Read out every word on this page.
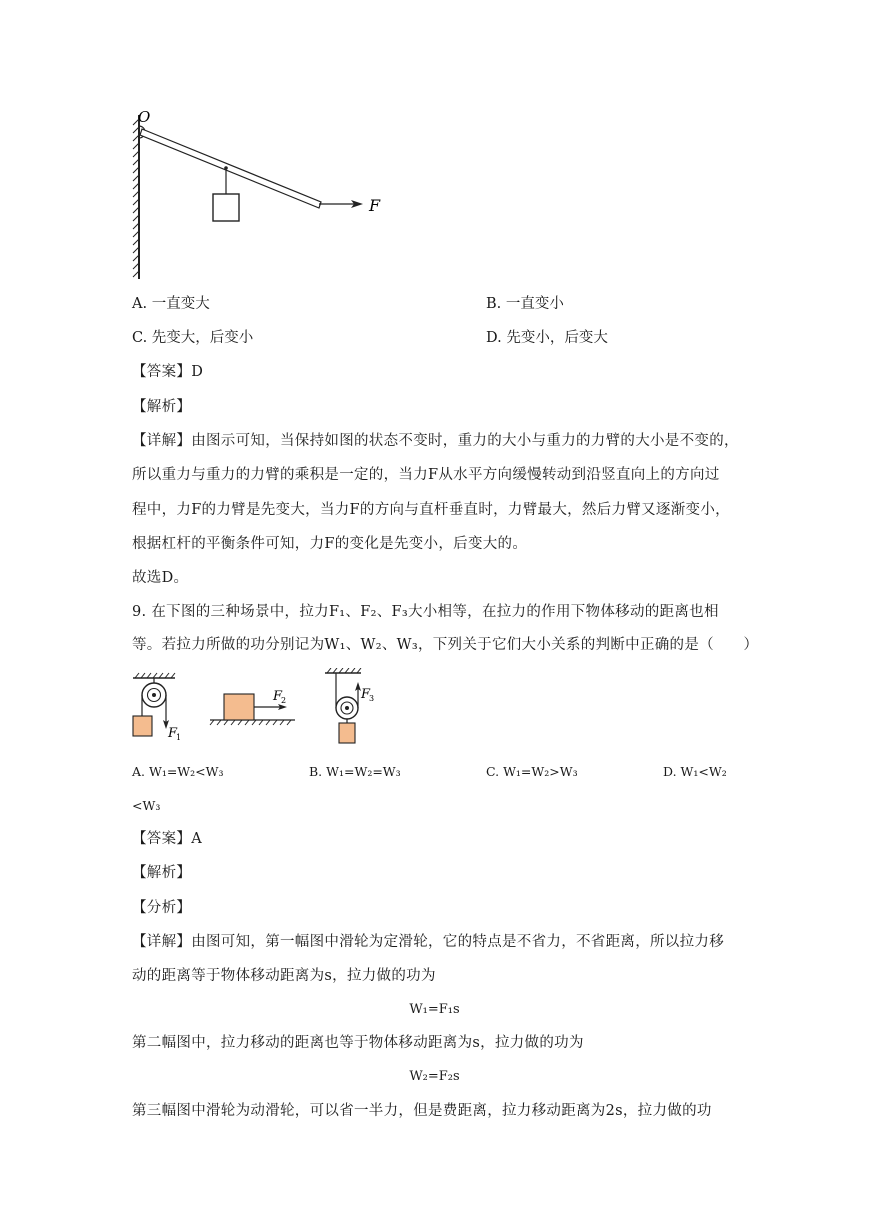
O
F
A. 一直变大	B. 一直变小
C. 先变大，后变小	D. 先变小，后变大
【答案】D
【解析】
【详解】由图示可知，当保持如图的状态不变时，重力的大小与重力的力臂的大小是不变的，
所以重力与重力的力臂的乘积是一定的，当力F从水平方向缓慢转动到沿竖直向上的方向过
程中，力F的力臂是先变大，当力F的方向与直杆垂直时，力臂最大，然后力臂又逐渐变小，
根据杠杆的平衡条件可知，力F的变化是先变小，后变大的。
故选D。
9. 在下图的三种场景中，拉力F₁、F₂、F₃大小相等，在拉力的作用下物体移动的距离也相
等。若拉力所做的功分别记为W₁、W₂、W₃，下列关于它们大小关系的判断中正确的是（　　）
F
1
F
2	F
3
A. W₁=W₂<W₃	B. W₁=W₂=W₃	C. W₁=W₂>W₃	D. W₁<W₂
<W₃
【答案】A
【解析】
【分析】
【详解】由图可知，第一幅图中滑轮为定滑轮，它的特点是不省力，不省距离，所以拉力移
动的距离等于物体移动距离为s，拉力做的功为
W₁=F₁s
第二幅图中，拉力移动的距离也等于物体移动距离为s，拉力做的功为
W₂=F₂s
第三幅图中滑轮为动滑轮，可以省一半力，但是费距离，拉力移动距离为2s，拉力做的功
